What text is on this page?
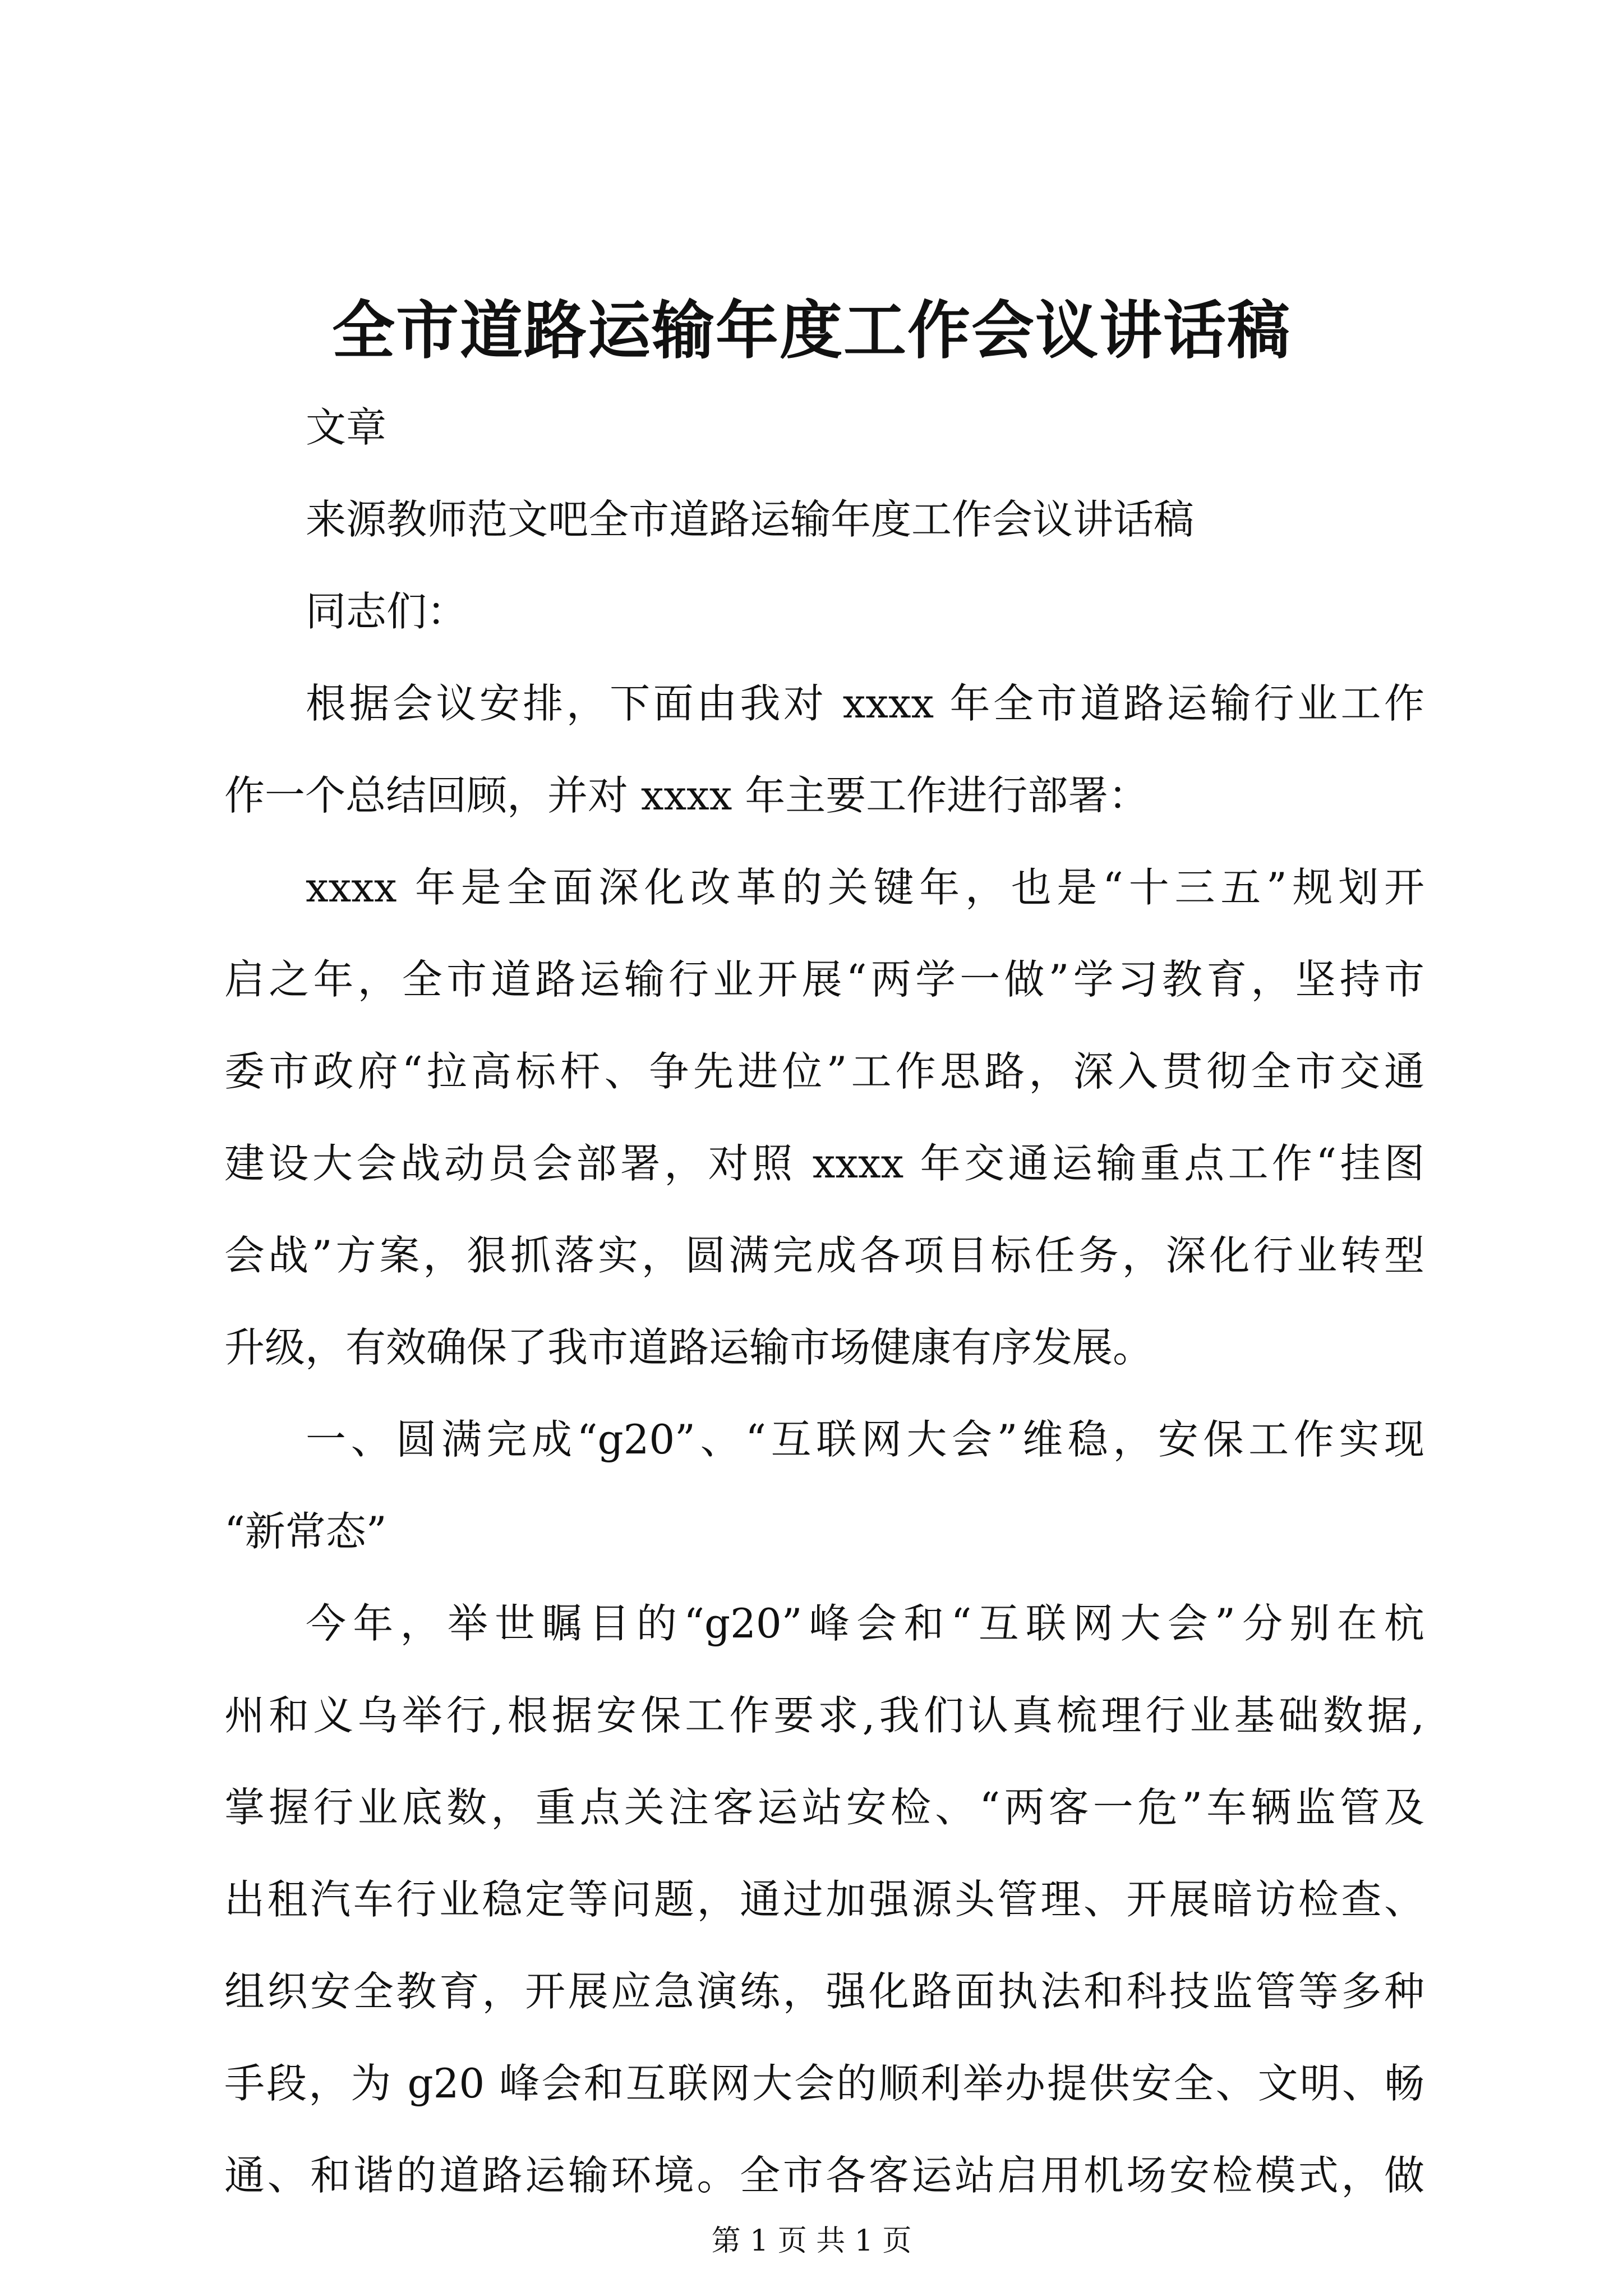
全市道路运输年度工作会议讲话稿
文章
来源教师范文吧全市道路运输年度工作会议讲话稿
同志们：
根据会议安排，下面由我对 xxxx 年全市道路运输行业工作
作一个总结回顾，并对 xxxx 年主要工作进行部署：
xxxx 年是全面深化改革的关键年，也是“十三五”规划开
启之年，全市道路运输行业开展“两学一做”学习教育，坚持市
委市政府“拉高标杆、争先进位”工作思路，深入贯彻全市交通
建设大会战动员会部署，对照 xxxx 年交通运输重点工作“挂图
会战”方案，狠抓落实，圆满完成各项目标任务，深化行业转型
升级，有效确保了我市道路运输市场健康有序发展。
一、圆满完成“g20”、“互联网大会”维稳，安保工作实现
“新常态”
今年，举世瞩目的“g20”峰会和“互联网大会”分别在杭
州和义乌举行,根据安保工作要求,我们认真梳理行业基础数据,
掌握行业底数，重点关注客运站安检、“两客一危”车辆监管及
出租汽车行业稳定等问题，通过加强源头管理、开展暗访检查、
组织安全教育，开展应急演练，强化路面执法和科技监管等多种
手段，为 g20 峰会和互联网大会的顺利举办提供安全、文明、畅
通、和谐的道路运输环境。全市各客运站启用机场安检模式，做
第 1 页 共 1 页
